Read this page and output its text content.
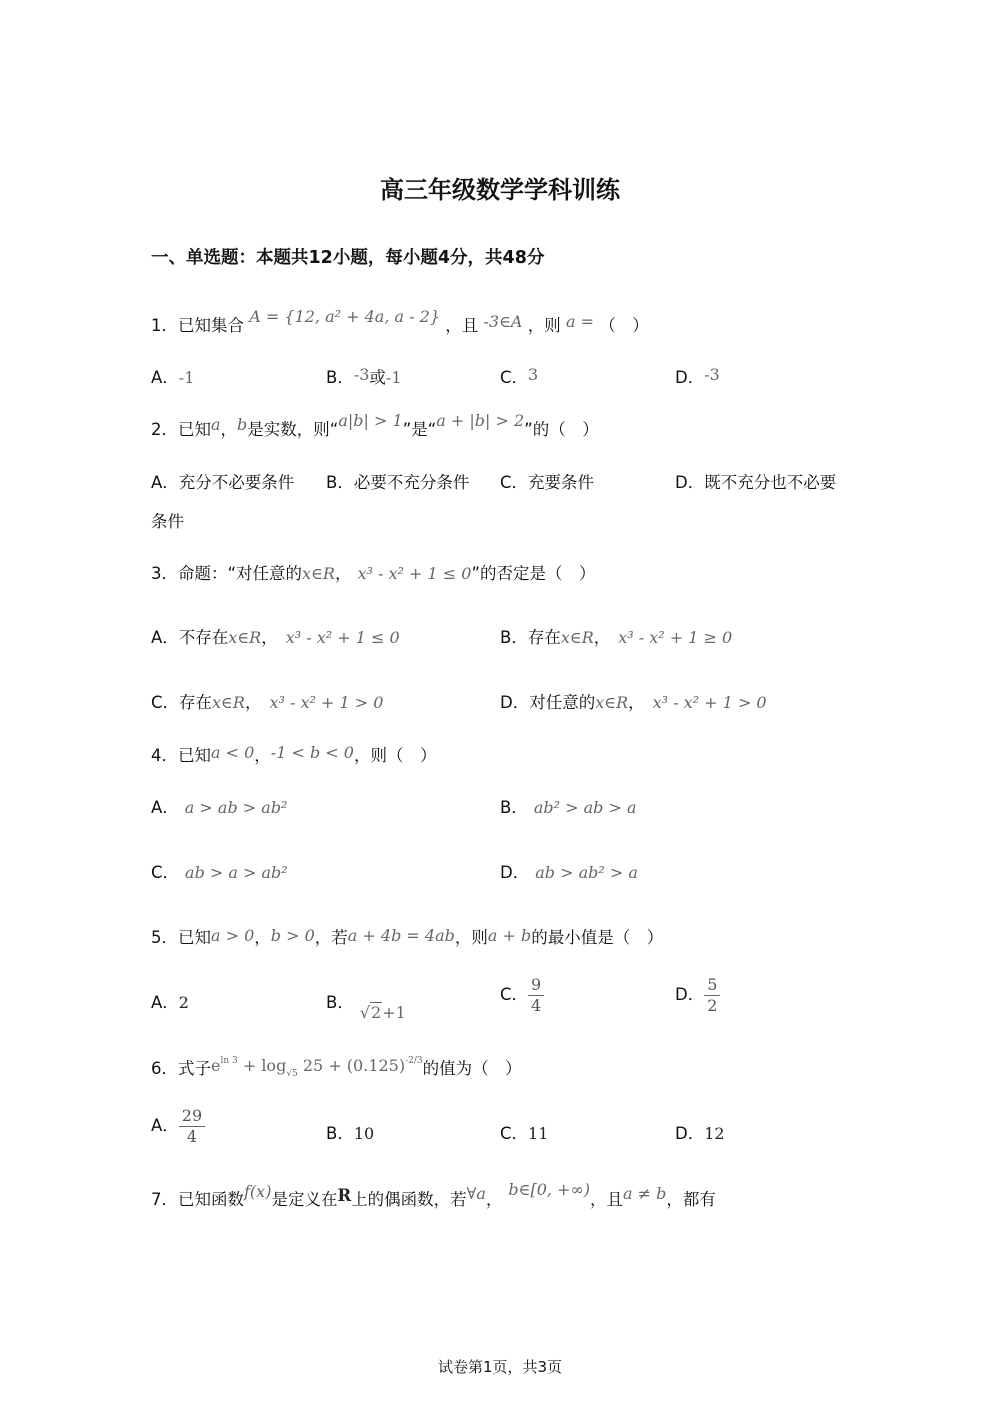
高三年级数学学科训练
一、单选题：本题共12小题，每小题4分，共48分
1．已知集合 A = {12, a² + 4a, a - 2} ，且 -3∈A ，则 a = （　）
A．-1	B．-3或-1	C．3	D．-3
2．已知a，b是实数，则“a|b| > 1”是“a + |b| > 2”的（　）
A．充分不必要条件 B．必要不充分条件 C．充要条件	D．既不充分也不必要
条件
3．命题：“对任意的x∈R， x³ - x² + 1 ≤ 0”的否定是（　）
A．不存在x∈R， x³ - x² + 1 ≤ 0	B．存在x∈R， x³ - x² + 1 ≥ 0
C．存在x∈R， x³ - x² + 1 > 0	D．对任意的x∈R， x³ - x² + 1 > 0
4．已知a < 0，-1 < b < 0，则（　）
A． a > ab > ab²	B． ab² > ab > a
C． ab > a > ab²	D． ab > ab² > a
5．已知a > 0，b > 0，若a + 4b = 4ab，则a + b的最小值是（　）
A．2	B．√2+1
C． $\frac{9}{4}$	D． $\frac{5}{2}$
6．式子$e^{ln 3} + \log_{√5} 25 + (0.125)^{-2/3}$的值为（　）
A． $\frac{29}{4}$	B．10	C．11	D．12
7．已知函数f(x)是定义在R上的偶函数，若∀a，b∈[0, +∞)，且a ≠ b，都有
试卷第1页，共3页
